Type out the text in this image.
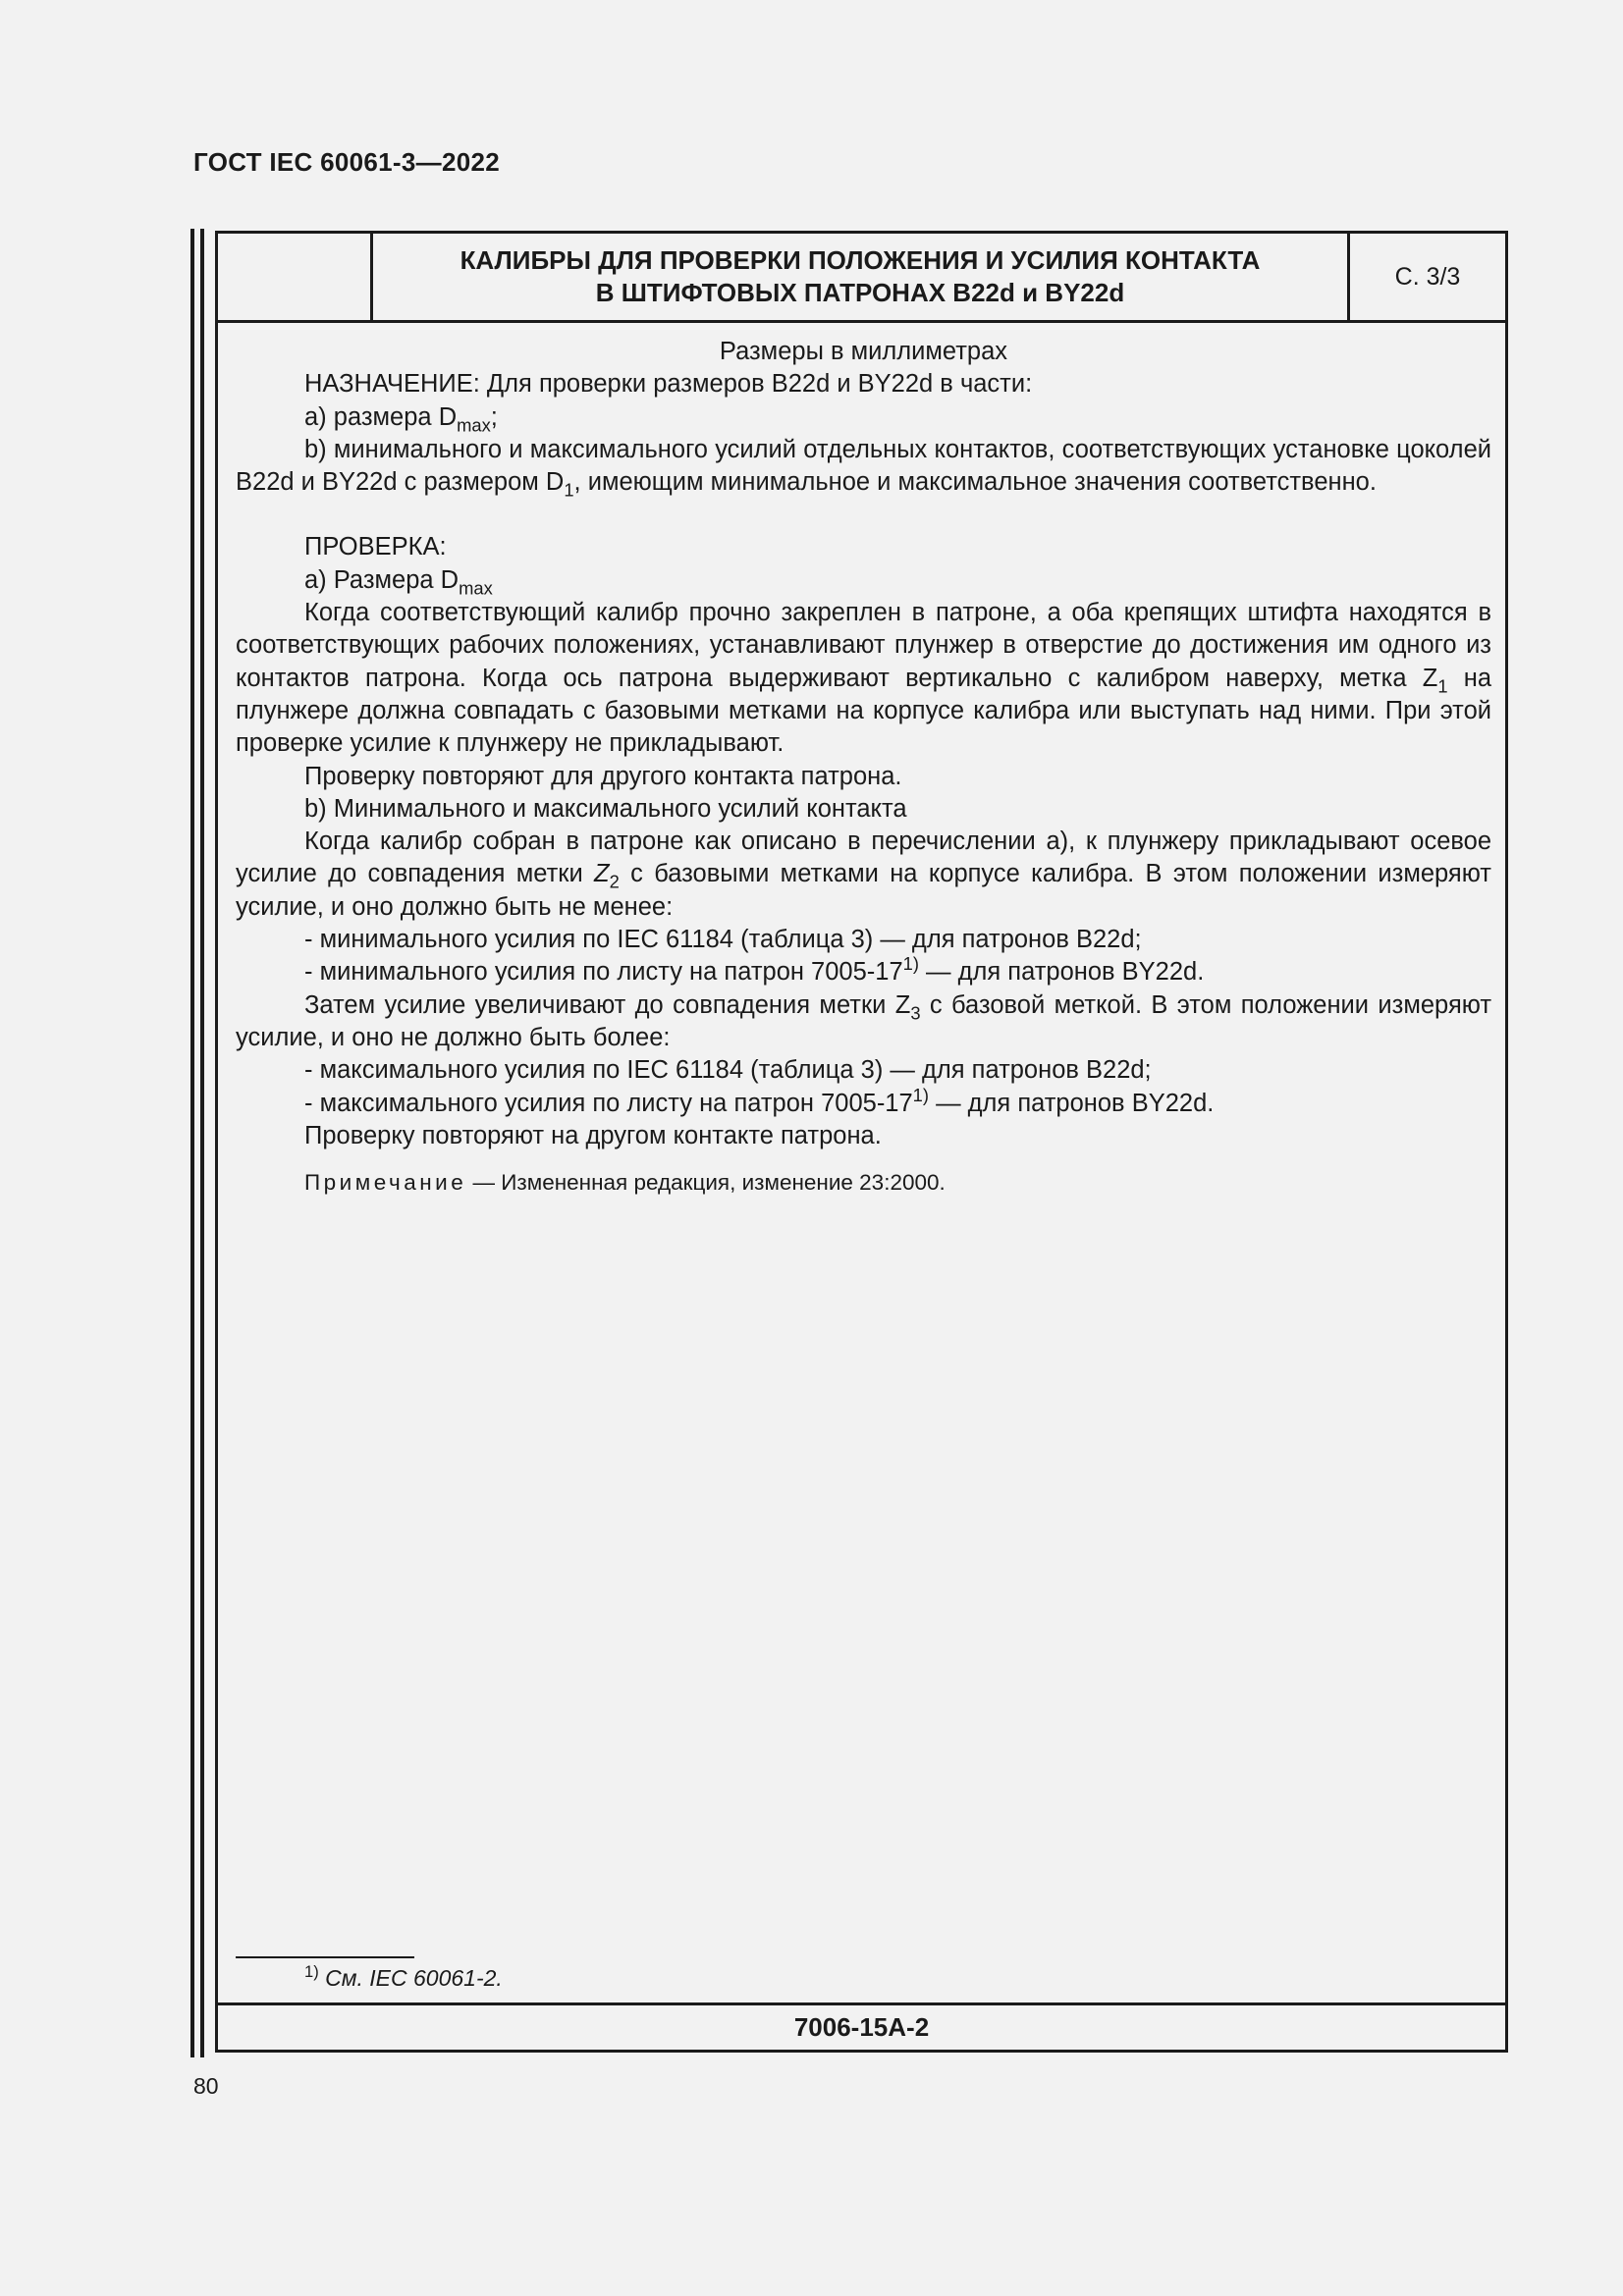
ГОСТ IEC 60061-3—2022
КАЛИБРЫ ДЛЯ ПРОВЕРКИ ПОЛОЖЕНИЯ И УСИЛИЯ КОНТАКТА
В ШТИФТОВЫХ ПАТРОНАХ B22d и BY22d
С. 3/3

Размеры в миллиметрах

НАЗНАЧЕНИЕ: Для проверки размеров B22d и BY22d в части:

a) размера $D_{max}$;

b) минимального и максимального усилий отдельных контактов, соответствующих установке цоколей B22d и BY22d с размером $D_1$, имеющим минимальное и максимальное значения соответственно.

ПРОВЕРКА:

a) Размера $D_{max}$

Когда соответствующий калибр прочно закреплен в патроне, а оба крепящих штифта находятся в соответствующих рабочих положениях, устанавливают плунжер в отверстие до достижения им одного из контактов патрона. Когда ось патрона выдерживают вертикально с калибром наверху, метка $Z_1$ на плунжере должна совпадать с базовыми метками на корпусе калибра или выступать над ними. При этой проверке усилие к плунжеру не прикладывают.

Проверку повторяют для другого контакта патрона.

b) Минимального и максимального усилий контакта

Когда калибр собран в патроне как описано в перечислении a), к плунжеру прикладывают осевое усилие до совпадения метки $Z_2$ с базовыми метками на корпусе калибра. В этом положении измеряют усилие, и оно должно быть не менее:

- минимального усилия по IEC 61184 (таблица 3) — для патронов B22d;

- минимального усилия по листу на патрон 7005-17$^{1)}$ — для патронов BY22d.

Затем усилие увеличивают до совпадения метки $Z_3$ с базовой меткой. В этом положении измеряют усилие, и оно не должно быть более:

- максимального усилия по IEC 61184 (таблица 3) — для патронов B22d;

- максимального усилия по листу на патрон 7005-17$^{1)}$ — для патронов BY22d.

Проверку повторяют на другом контакте патрона.

Примечание — Измененная редакция, изменение 23:2000.

$^{1)}$ См. IEC 60061-2.
7006-15A-2
80
